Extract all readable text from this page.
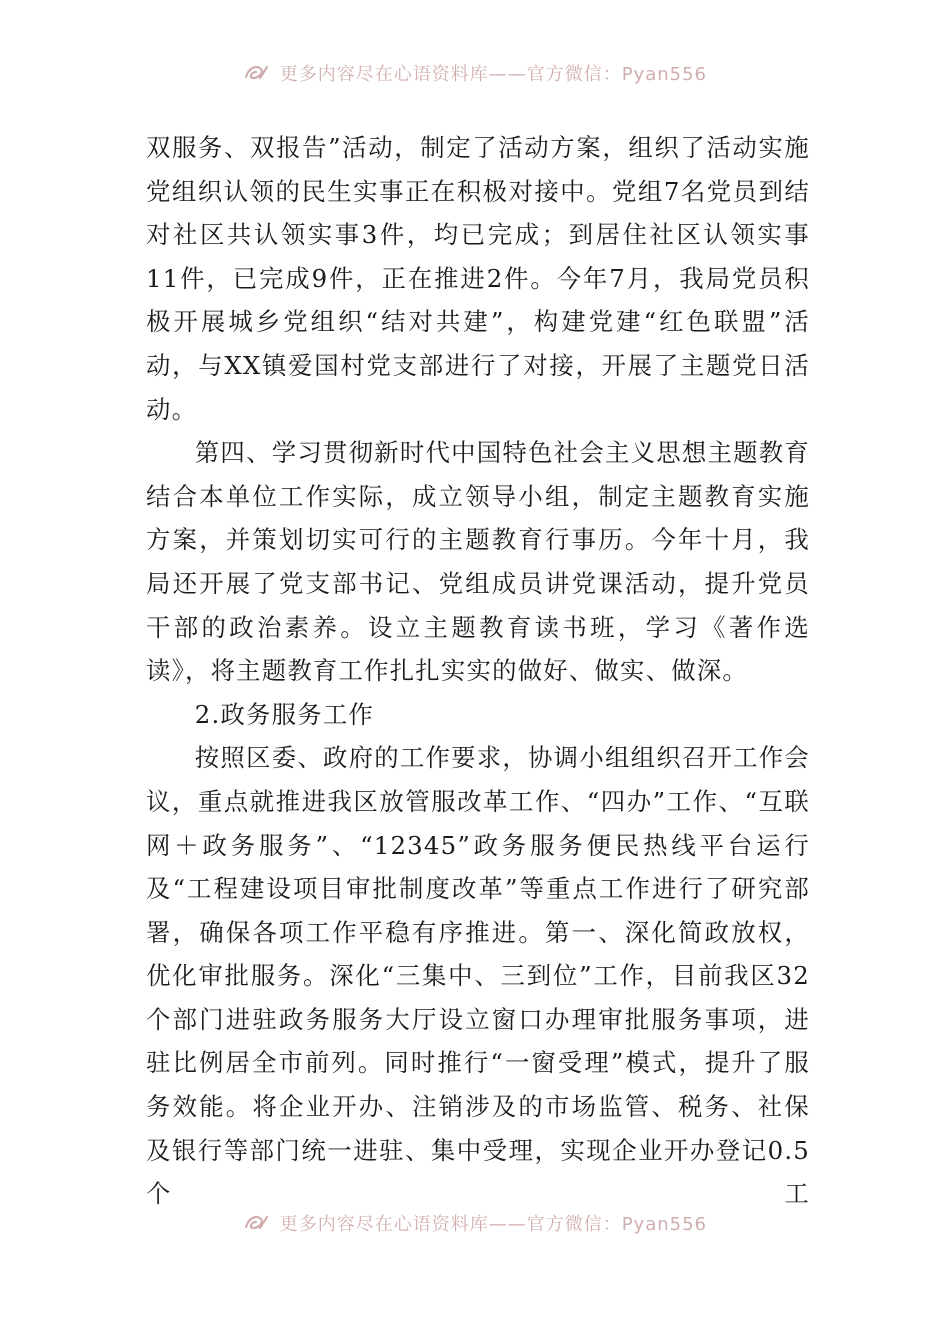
更多内容尽在心语资料库——官方微信：Pyan556

双服务、双报告”活动，制定了活动方案，组织了活动实施党组织认领的民生实事正在积极对接中。党组7名党员到结对社区共认领实事3件，均已完成；到居住社区认领实事11件，已完成9件，正在推进2件。今年7月，我局党员积极开展城乡党组织“结对共建”，构建党建“红色联盟”活动，与XX镇爱国村党支部进行了对接，开展了主题党日活动。

第四、学习贯彻新时代中国特色社会主义思想主题教育结合本单位工作实际，成立领导小组，制定主题教育实施方案，并策划切实可行的主题教育行事历。今年十月，我局还开展了党支部书记、党组成员讲党课活动，提升党员干部的政治素养。设立主题教育读书班，学习《著作选读》，将主题教育工作扎扎实实的做好、做实、做深。

2.政务服务工作

按照区委、政府的工作要求，协调小组组织召开工作会议，重点就推进我区放管服改革工作、“四办”工作、“互联网＋政务服务”、“12345”政务服务便民热线平台运行及“工程建设项目审批制度改革”等重点工作进行了研究部署，确保各项工作平稳有序推进。第一、深化简政放权，优化审批服务。深化“三集中、三到位”工作，目前我区32个部门进驻政务服务大厅设立窗口办理审批服务事项，进驻比例居全市前列。同时推行“一窗受理”模式，提升了服务效能。将企业开办、注销涉及的市场监管、税务、社保及银行等部门统一进驻、集中受理，实现企业开办登记0.5个工

更多内容尽在心语资料库——官方微信：Pyan556
